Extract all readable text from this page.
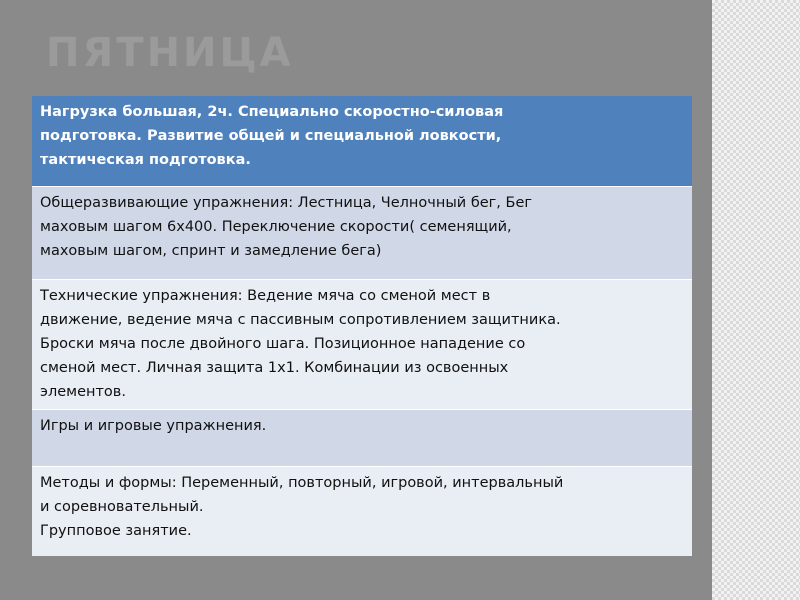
ПЯТНИЦА
Нагрузка большая, 2ч. Специально скоростно-силовая
подготовка. Развитие общей и специальной ловкости,
тактическая подготовка.
Общеразвивающие упражнения: Лестница, Челночный бег, Бег
маховым шагом 6х400. Переключение скорости( семенящий,
маховым шагом, спринт и замедление бега)
Технические упражнения: Ведение мяча со сменой мест в
движение, ведение мяча с пассивным сопротивлением защитника.
Броски мяча после двойного шага. Позиционное нападение со
сменой мест. Личная защита 1х1. Комбинации из освоенных
элементов.
Игры и игровые упражнения.
Методы и формы: Переменный, повторный, игровой, интервальный
и соревновательный.
Групповое занятие.
